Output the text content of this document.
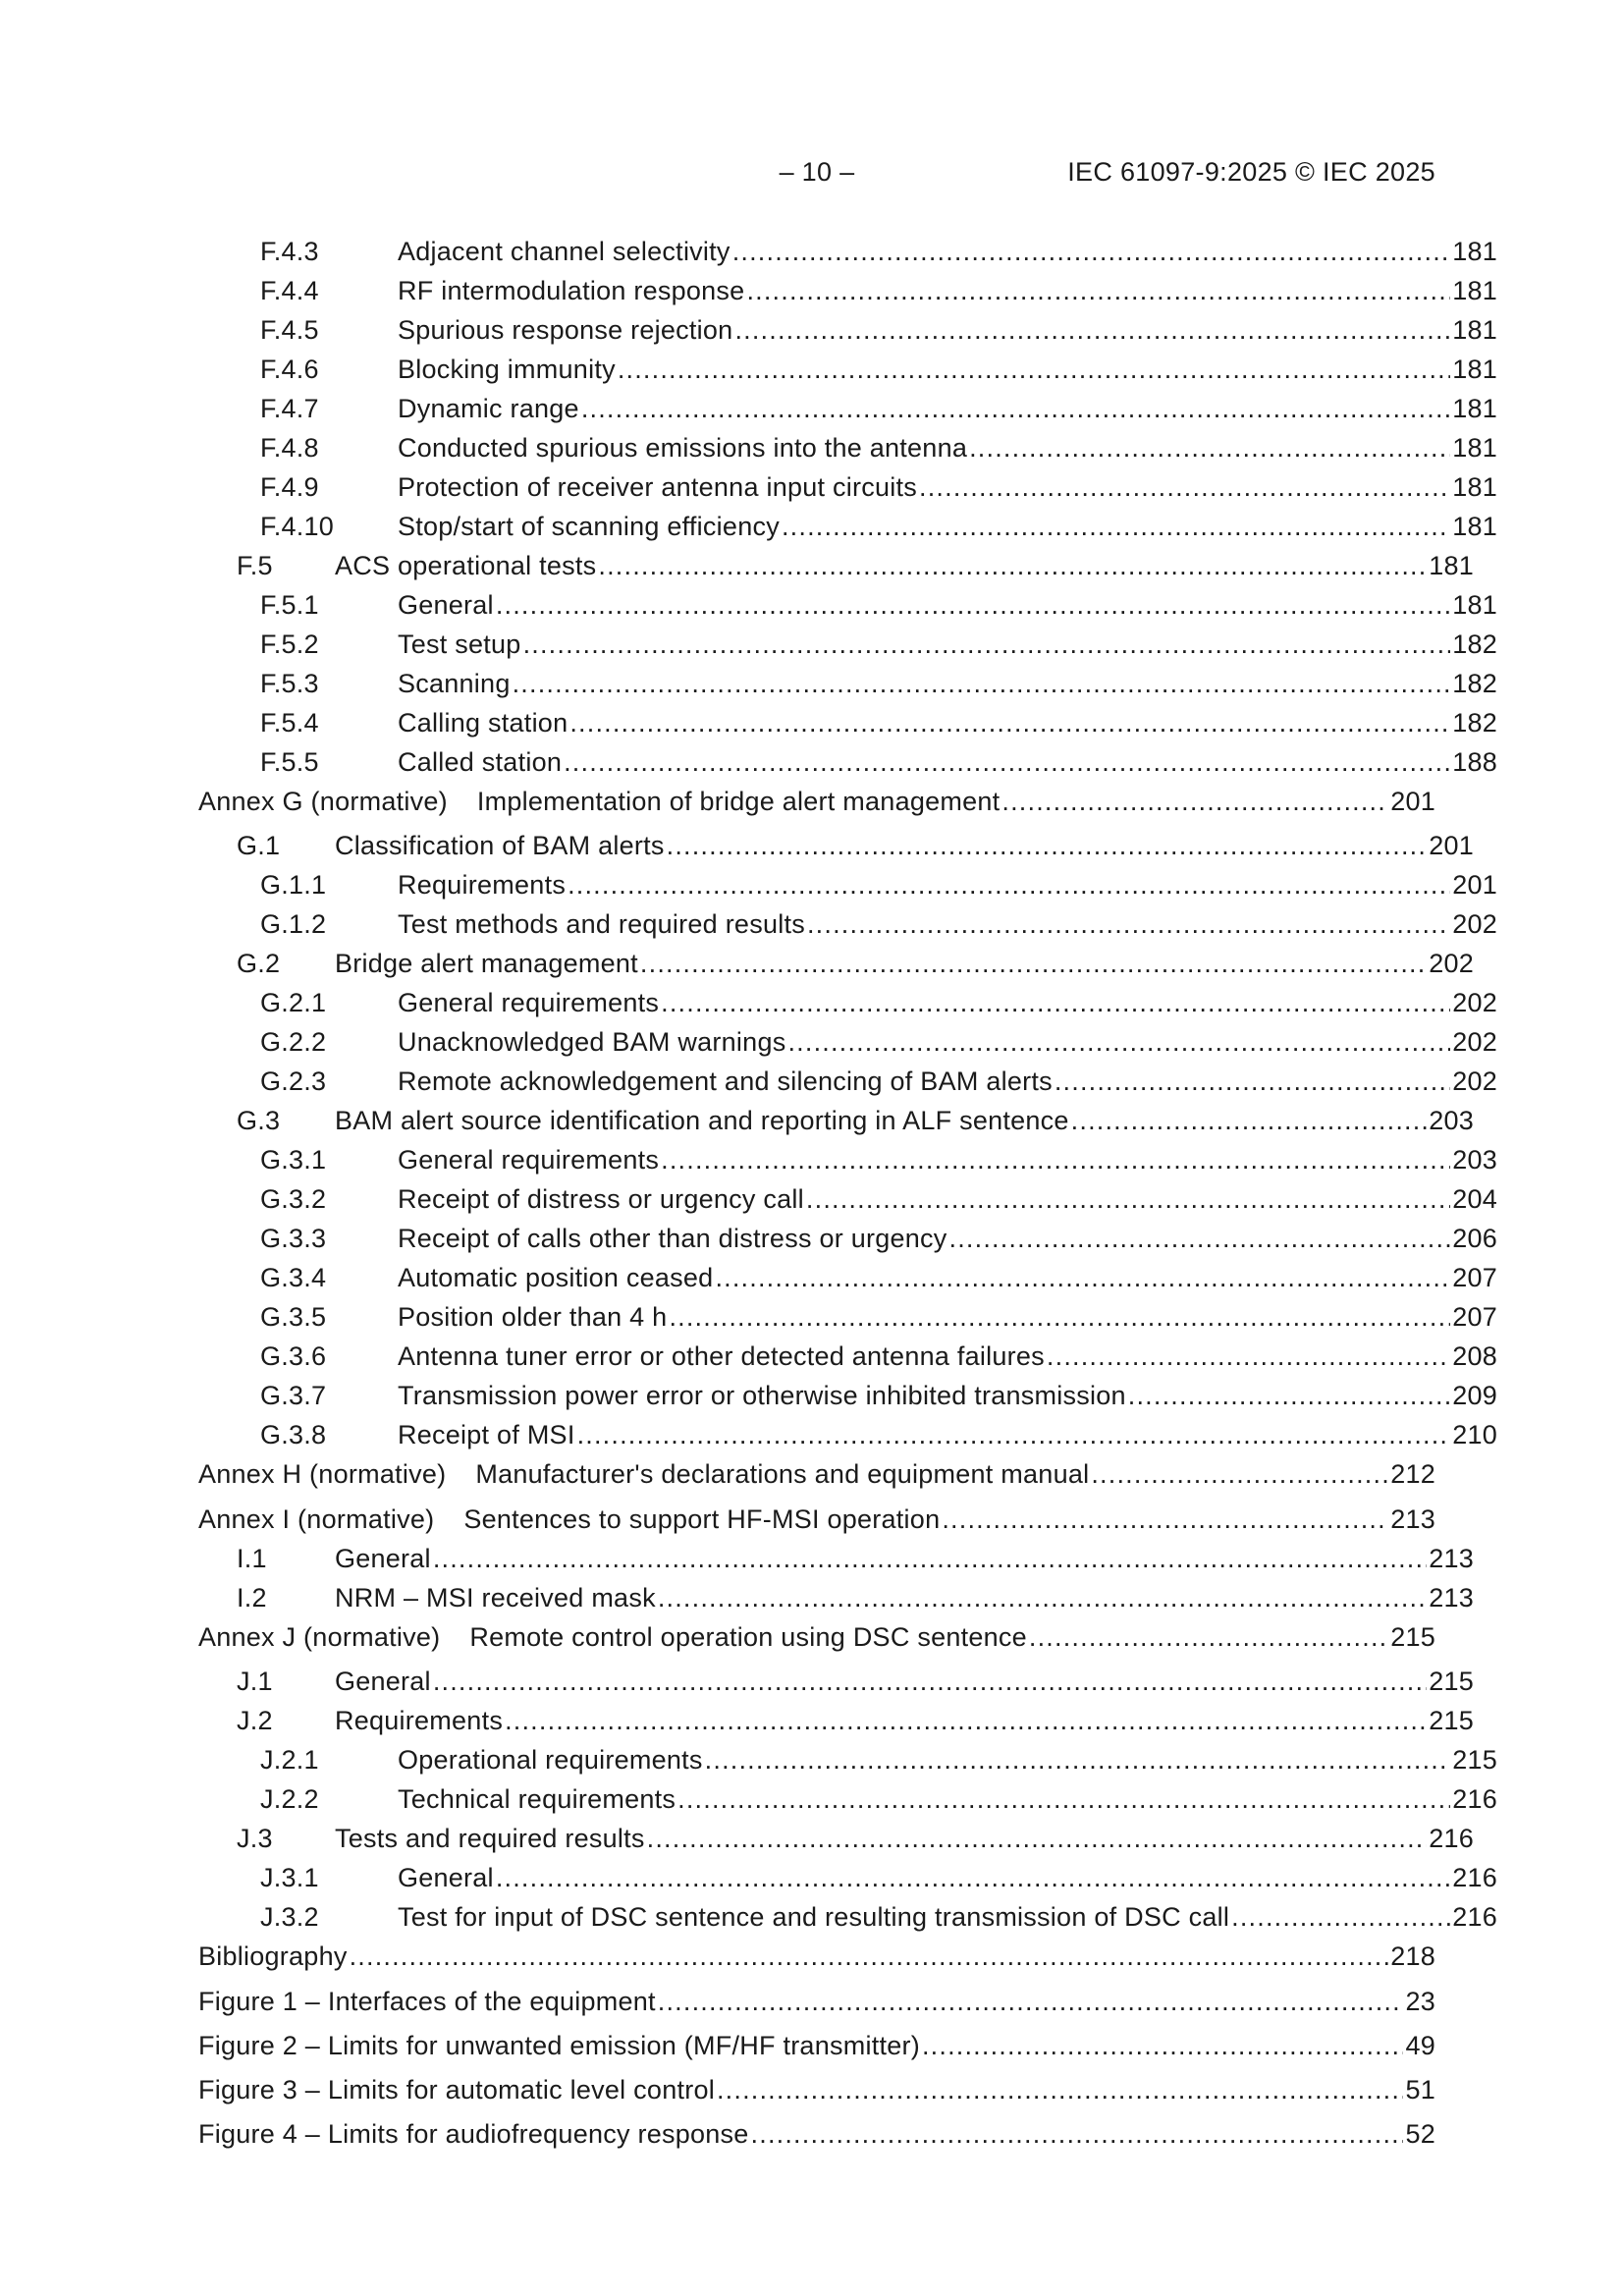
– 10 –	IEC 61097-9:2025 © IEC 2025
F.4.3	Adjacent channel selectivity .....	181
F.4.4	RF intermodulation response .....	181
F.4.5	Spurious response rejection .....	181
F.4.6	Blocking immunity .....	181
F.4.7	Dynamic range .....	181
F.4.8	Conducted spurious emissions into the antenna .....	181
F.4.9	Protection of receiver antenna input circuits .....	181
F.4.10	Stop/start of scanning efficiency .....	181
F.5	ACS operational tests .....	181
F.5.1	General .....	181
F.5.2	Test setup .....	182
F.5.3	Scanning .....	182
F.5.4	Calling station .....	182
F.5.5	Called station .....	188
Annex G (normative)	Implementation of bridge alert management .....	201
G.1	Classification of BAM alerts .....	201
G.1.1	Requirements .....	201
G.1.2	Test methods and required results .....	202
G.2	Bridge alert management .....	202
G.2.1	General requirements .....	202
G.2.2	Unacknowledged BAM warnings .....	202
G.2.3	Remote acknowledgement and silencing of BAM alerts .....	202
G.3	BAM alert source identification and reporting in ALF sentence .....	203
G.3.1	General requirements .....	203
G.3.2	Receipt of distress or urgency call .....	204
G.3.3	Receipt of calls other than distress or urgency .....	206
G.3.4	Automatic position ceased .....	207
G.3.5	Position older than 4 h .....	207
G.3.6	Antenna tuner error or other detected antenna failures .....	208
G.3.7	Transmission power error or otherwise inhibited transmission .....	209
G.3.8	Receipt of MSI .....	210
Annex H (normative)	Manufacturer's declarations and equipment manual .....	212
Annex I (normative)	Sentences to support HF-MSI operation .....	213
I.1	General .....	213
I.2	NRM – MSI received mask .....	213
Annex J (normative)	Remote control operation using DSC sentence .....	215
J.1	General .....	215
J.2	Requirements .....	215
J.2.1	Operational requirements .....	215
J.2.2	Technical requirements .....	216
J.3	Tests and required results .....	216
J.3.1	General .....	216
J.3.2	Test for input of DSC sentence and resulting transmission of DSC call .....	216
Bibliography .....	218
Figure 1 – Interfaces of the equipment .....	23
Figure 2 – Limits for unwanted emission (MF/HF transmitter) .....	49
Figure 3 – Limits for automatic level control .....	51
Figure 4 – Limits for audiofrequency response .....	52
